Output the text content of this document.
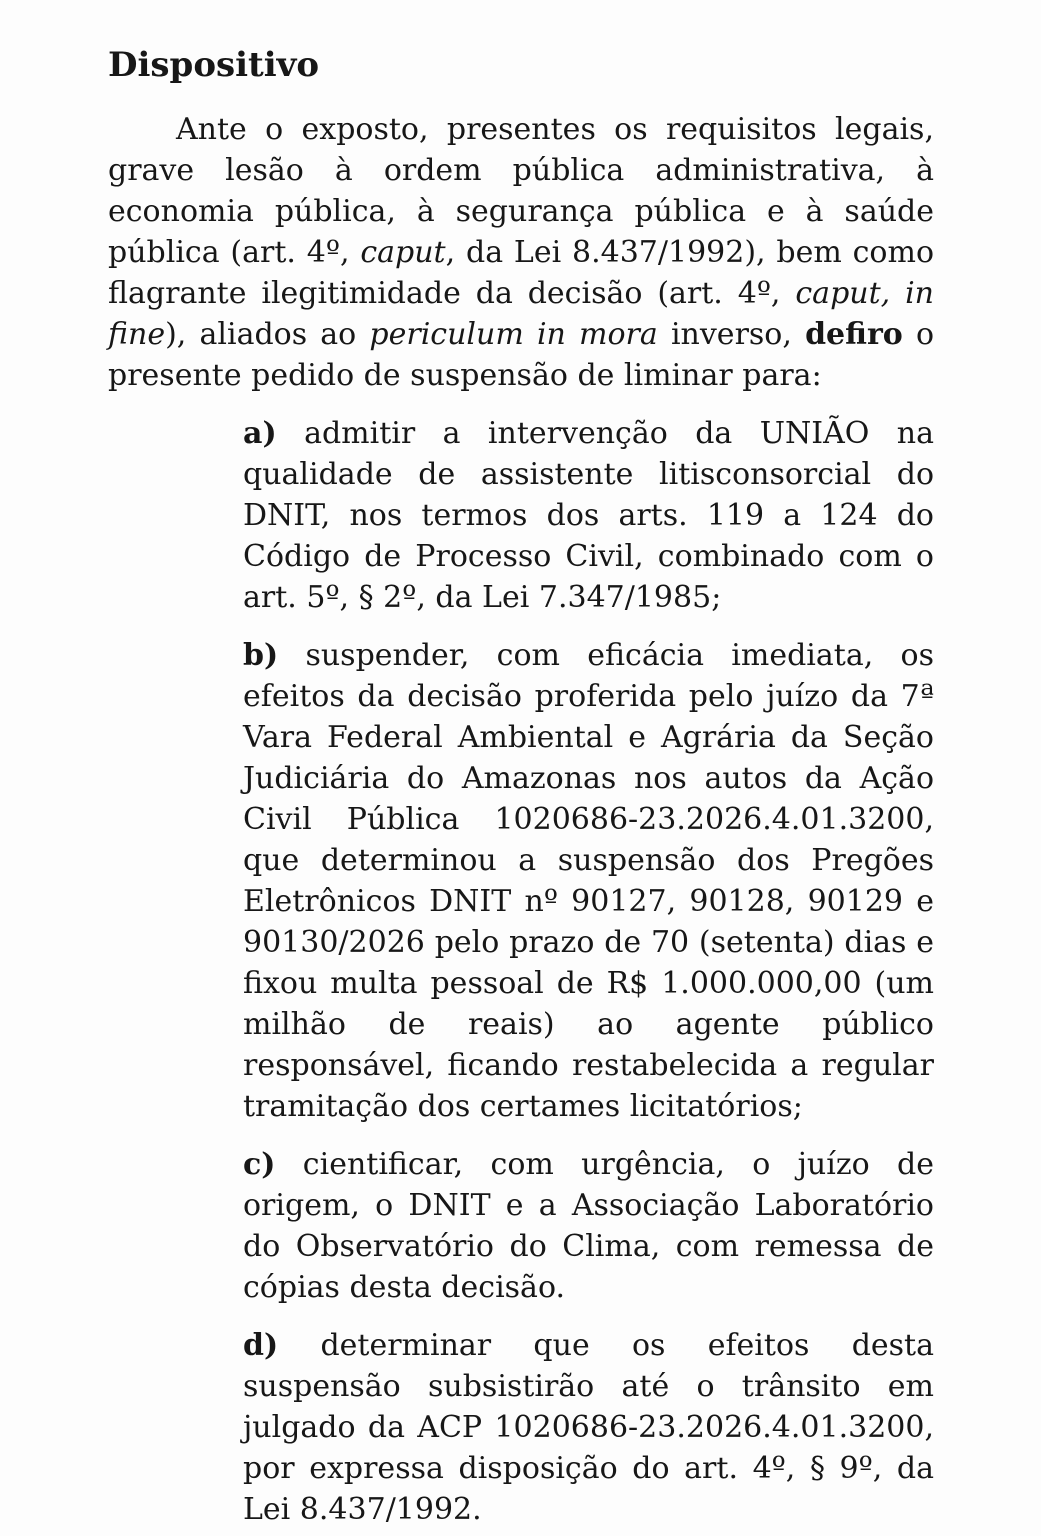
Dispositivo

Ante o exposto, presentes os requisitos legais, grave lesão à ordem pública administrativa, à economia pública, à segurança pública e à saúde pública (art. 4º, caput, da Lei 8.437/1992), bem como flagrante ilegitimidade da decisão (art. 4º, caput, in fine), aliados ao periculum in mora inverso, defiro o presente pedido de suspensão de liminar para:

a) admitir a intervenção da UNIÃO na qualidade de assistente litisconsorcial do DNIT, nos termos dos arts. 119 a 124 do Código de Processo Civil, combinado com o art. 5º, § 2º, da Lei 7.347/1985;

b) suspender, com eficácia imediata, os efeitos da decisão proferida pelo juízo da 7ª Vara Federal Ambiental e Agrária da Seção Judiciária do Amazonas nos autos da Ação Civil Pública 1020686-23.2026.4.01.3200, que determinou a suspensão dos Pregões Eletrônicos DNIT nº 90127, 90128, 90129 e 90130/2026 pelo prazo de 70 (setenta) dias e fixou multa pessoal de R$ 1.000.000,00 (um milhão de reais) ao agente público responsável, ficando restabelecida a regular tramitação dos certames licitatórios;

c) cientificar, com urgência, o juízo de origem, o DNIT e a Associação Laboratório do Observatório do Clima, com remessa de cópias desta decisão.

d) determinar que os efeitos desta suspensão subsistirão até o trânsito em julgado da ACP 1020686-23.2026.4.01.3200, por expressa disposição do art. 4º, § 9º, da Lei 8.437/1992.
